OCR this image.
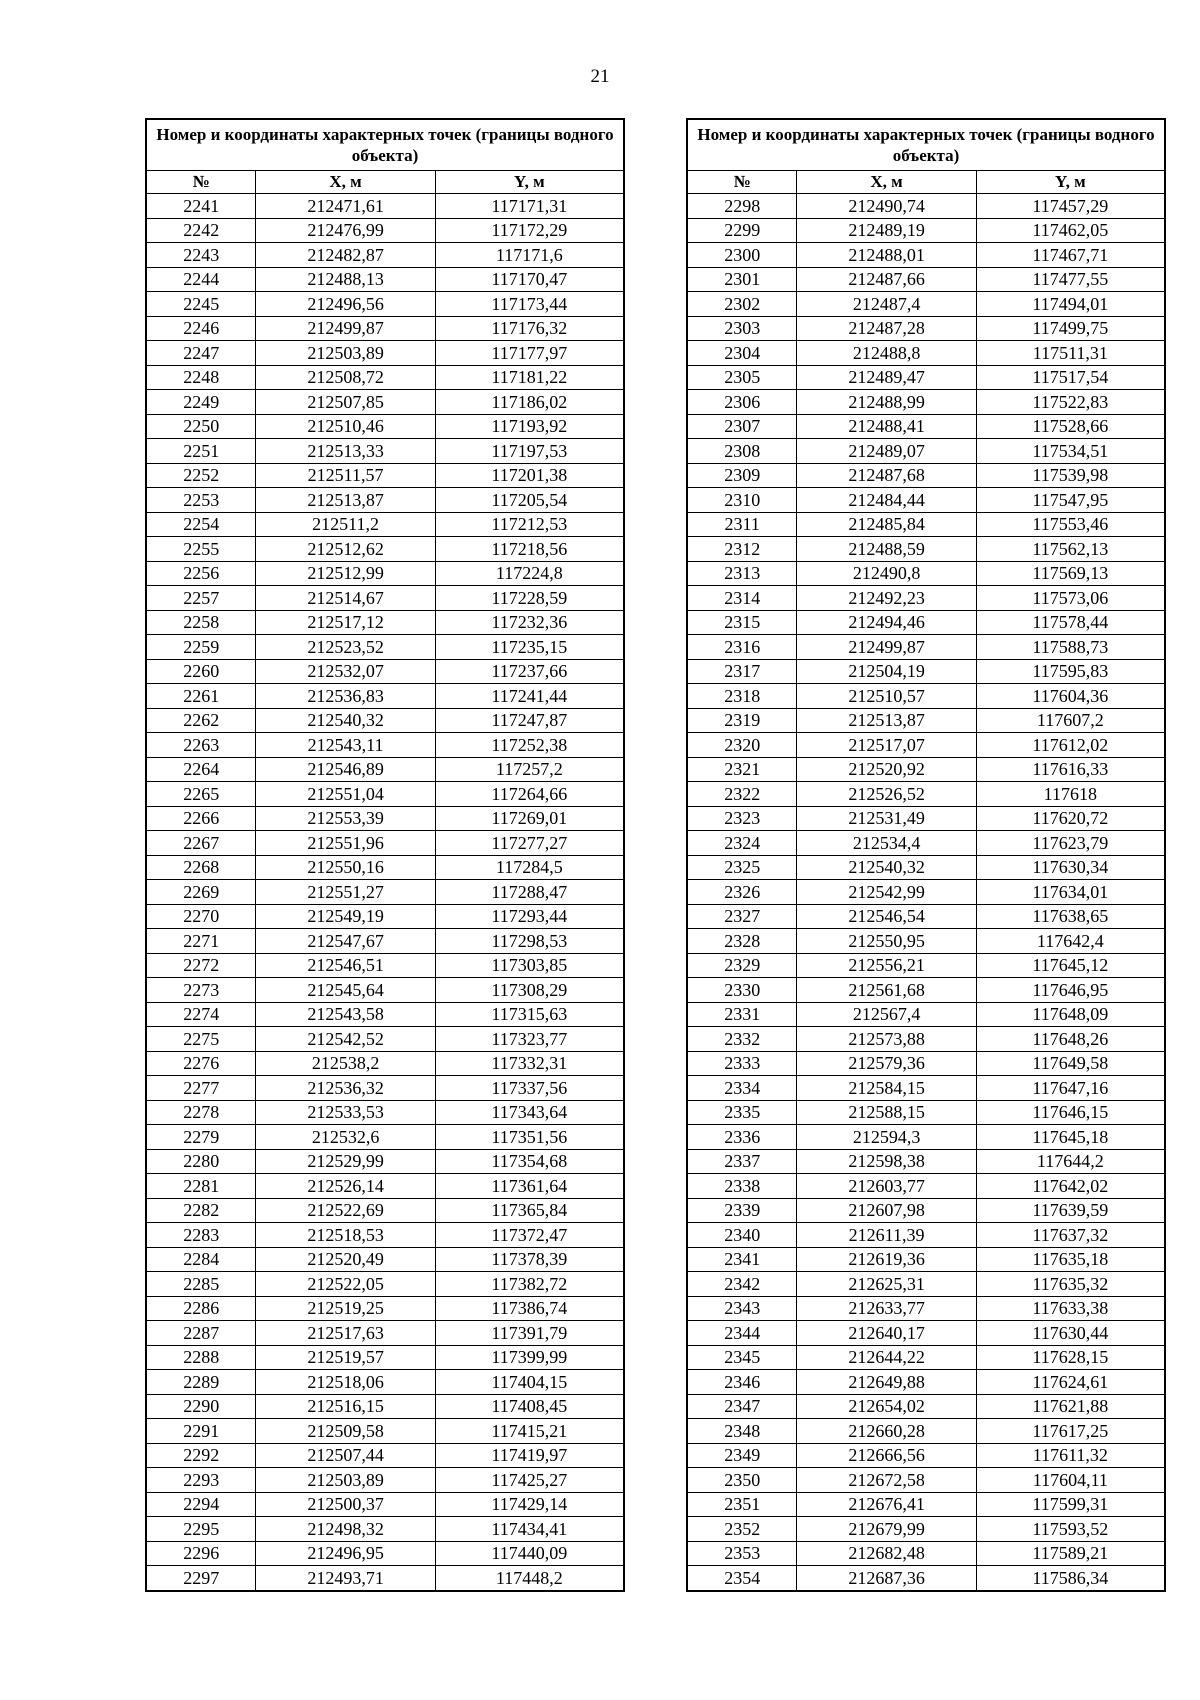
21
Номер и координаты характерных точек (границы водного объекта)		
№	X, м	Y, м
2241	212471,61	117171,31
2242	212476,99	117172,29
2243	212482,87	117171,6
2244	212488,13	117170,47
2245	212496,56	117173,44
2246	212499,87	117176,32
2247	212503,89	117177,97
2248	212508,72	117181,22
2249	212507,85	117186,02
2250	212510,46	117193,92
2251	212513,33	117197,53
2252	212511,57	117201,38
2253	212513,87	117205,54
2254	212511,2	117212,53
2255	212512,62	117218,56
2256	212512,99	117224,8
2257	212514,67	117228,59
2258	212517,12	117232,36
2259	212523,52	117235,15
2260	212532,07	117237,66
2261	212536,83	117241,44
2262	212540,32	117247,87
2263	212543,11	117252,38
2264	212546,89	117257,2
2265	212551,04	117264,66
2266	212553,39	117269,01
2267	212551,96	117277,27
2268	212550,16	117284,5
2269	212551,27	117288,47
2270	212549,19	117293,44
2271	212547,67	117298,53
2272	212546,51	117303,85
2273	212545,64	117308,29
2274	212543,58	117315,63
2275	212542,52	117323,77
2276	212538,2	117332,31
2277	212536,32	117337,56
2278	212533,53	117343,64
2279	212532,6	117351,56
2280	212529,99	117354,68
2281	212526,14	117361,64
2282	212522,69	117365,84
2283	212518,53	117372,47
2284	212520,49	117378,39
2285	212522,05	117382,72
2286	212519,25	117386,74
2287	212517,63	117391,79
2288	212519,57	117399,99
2289	212518,06	117404,15
2290	212516,15	117408,45
2291	212509,58	117415,21
2292	212507,44	117419,97
2293	212503,89	117425,27
2294	212500,37	117429,14
2295	212498,32	117434,41
2296	212496,95	117440,09
2297	212493,71	117448,2
Номер и координаты характерных точек (границы водного объекта)		
№	X, м	Y, м
2298	212490,74	117457,29
2299	212489,19	117462,05
2300	212488,01	117467,71
2301	212487,66	117477,55
2302	212487,4	117494,01
2303	212487,28	117499,75
2304	212488,8	117511,31
2305	212489,47	117517,54
2306	212488,99	117522,83
2307	212488,41	117528,66
2308	212489,07	117534,51
2309	212487,68	117539,98
2310	212484,44	117547,95
2311	212485,84	117553,46
2312	212488,59	117562,13
2313	212490,8	117569,13
2314	212492,23	117573,06
2315	212494,46	117578,44
2316	212499,87	117588,73
2317	212504,19	117595,83
2318	212510,57	117604,36
2319	212513,87	117607,2
2320	212517,07	117612,02
2321	212520,92	117616,33
2322	212526,52	117618
2323	212531,49	117620,72
2324	212534,4	117623,79
2325	212540,32	117630,34
2326	212542,99	117634,01
2327	212546,54	117638,65
2328	212550,95	117642,4
2329	212556,21	117645,12
2330	212561,68	117646,95
2331	212567,4	117648,09
2332	212573,88	117648,26
2333	212579,36	117649,58
2334	212584,15	117647,16
2335	212588,15	117646,15
2336	212594,3	117645,18
2337	212598,38	117644,2
2338	212603,77	117642,02
2339	212607,98	117639,59
2340	212611,39	117637,32
2341	212619,36	117635,18
2342	212625,31	117635,32
2343	212633,77	117633,38
2344	212640,17	117630,44
2345	212644,22	117628,15
2346	212649,88	117624,61
2347	212654,02	117621,88
2348	212660,28	117617,25
2349	212666,56	117611,32
2350	212672,58	117604,11
2351	212676,41	117599,31
2352	212679,99	117593,52
2353	212682,48	117589,21
2354	212687,36	117586,34
